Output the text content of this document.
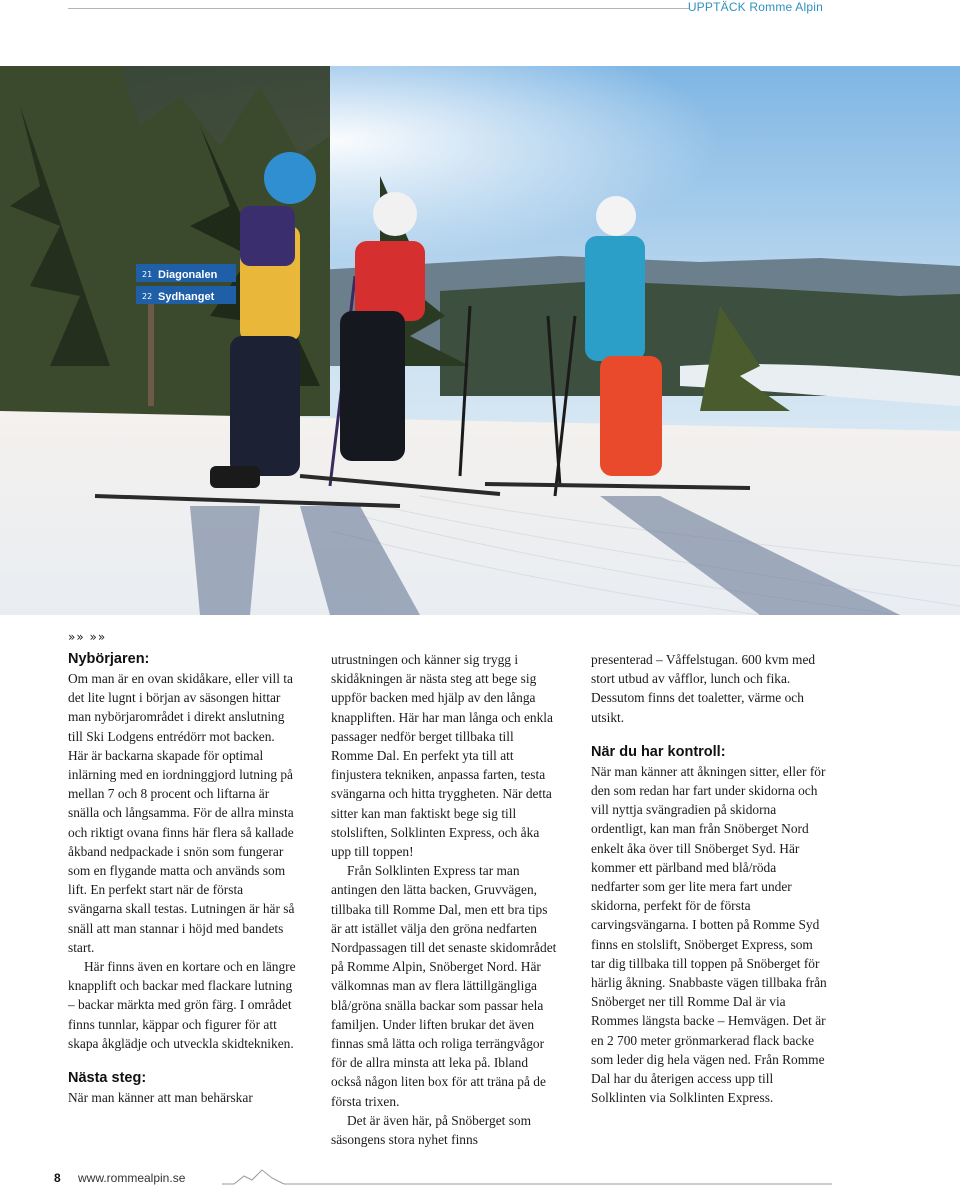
UPPTÄCK Romme Alpin
21 Diagonalen
22 Sydhanget
»» »»
Nybörjaren:

Om man är en ovan skidåkare, eller vill ta det lite lugnt i början av säsongen hittar man nybörjarområdet i direkt anslutning till Ski Lodgens entrédörr mot backen. Här är backarna skapade för optimal inlärning med en iordninggjord lutning på mellan 7 och 8 procent och liftarna är snälla och långsamma. För de allra minsta och riktigt ovana finns här flera så kallade åkband nedpackade i snön som fungerar som en flygande matta och används som lift. En perfekt start när de första svängarna skall testas. Lutningen är här så snäll att man stannar i höjd med bandets start.

Här finns även en kortare och en längre knapplift och backar med flackare lutning – backar märkta med grön färg. I området finns tunnlar, käppar och figurer för att skapa åkglädje och utveckla skidtekniken.

Nästa steg:

När man känner att man behärskar

utrustningen och känner sig trygg i skidåkningen är nästa steg att bege sig uppför backen med hjälp av den långa knappliften. Här har man långa och enkla passager nedför berget tillbaka till Romme Dal. En perfekt yta till att finjustera tekniken, anpassa farten, testa svängarna och hitta tryggheten. När detta sitter kan man faktiskt bege sig till stolsliften, Solklinten Express, och åka upp till toppen!

Från Solklinten Express tar man antingen den lätta backen, Gruvvägen, tillbaka till Romme Dal, men ett bra tips är att istället välja den gröna nedfarten Nordpassagen till det senaste skidområdet på Romme Alpin, Snöberget Nord. Här välkomnas man av flera lättillgängliga blå/gröna snälla backar som passar hela familjen. Under liften brukar det även finnas små lätta och roliga terrängvågor för de allra minsta att leka på. Ibland också någon liten box för att träna på de första trixen.

Det är även här, på Snöberget som säsongens stora nyhet finns

presenterad – Våffelstugan. 600 kvm med stort utbud av våfflor, lunch och fika. Dessutom finns det toaletter, värme och utsikt.

När du har kontroll:

När man känner att åkningen sitter, eller för den som redan har fart under skidorna och vill nyttja svängradien på skidorna ordentligt, kan man från Snöberget Nord enkelt åka över till Snöberget Syd. Här kommer ett pärlband med blå/röda nedfarter som ger lite mera fart under skidorna, perfekt för de första carvingsvängarna. I botten på Romme Syd finns en stolslift, Snöberget Express, som tar dig tillbaka till toppen på Snöberget för härlig åkning. Snabbaste vägen tillbaka från Snöberget ner till Romme Dal är via Rommes längsta backe – Hemvägen. Det är en 2 700 meter grönmarkerad flack backe som leder dig hela vägen ned. Från Romme Dal har du återigen access upp till Solklinten via Solklinten Express.

8 www.rommealpin.se
